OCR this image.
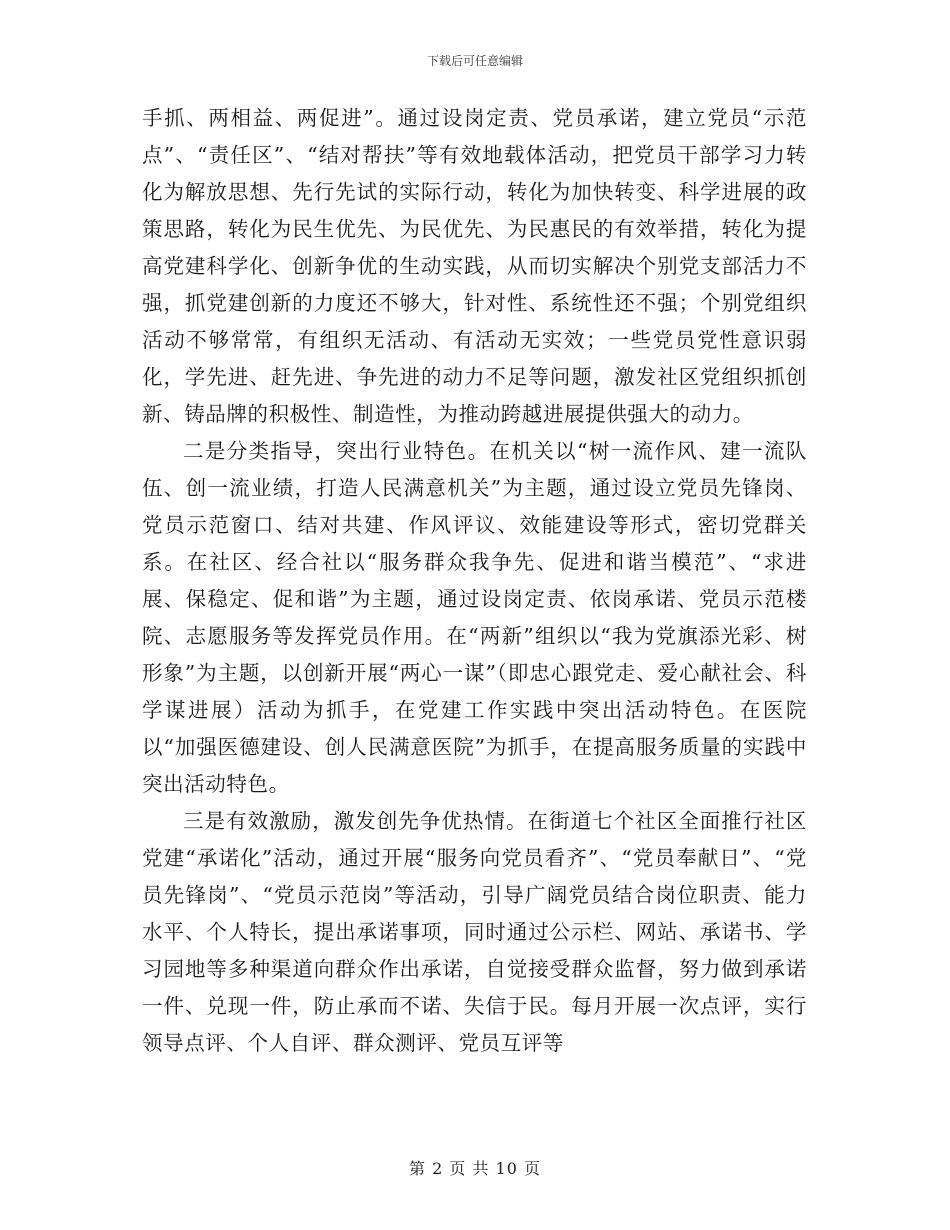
下载后可任意编辑

手抓、两相益、两促进”。通过设岗定责、党员承诺，建立党员“示范点”、“责任区”、“结对帮扶”等有效地载体活动，把党员干部学习力转化为解放思想、先行先试的实际行动，转化为加快转变、科学进展的政策思路，转化为民生优先、为民优先、为民惠民的有效举措，转化为提高党建科学化、创新争优的生动实践，从而切实解决个别党支部活力不强，抓党建创新的力度还不够大，针对性、系统性还不强；个别党组织活动不够常常，有组织无活动、有活动无实效；一些党员党性意识弱化，学先进、赶先进、争先进的动力不足等问题，激发社区党组织抓创新、铸品牌的积极性、制造性，为推动跨越进展提供强大的动力。

二是分类指导，突出行业特色。在机关以“树一流作风、建一流队伍、创一流业绩，打造人民满意机关”为主题，通过设立党员先锋岗、党员示范窗口、结对共建、作风评议、效能建设等形式，密切党群关系。在社区、经合社以“服务群众我争先、促进和谐当模范”、“求进展、保稳定、促和谐”为主题，通过设岗定责、依岗承诺、党员示范楼院、志愿服务等发挥党员作用。在“两新”组织以“我为党旗添光彩、树形象”为主题，以创新开展“两心一谋”（即忠心跟党走、爱心献社会、科学谋进展）活动为抓手，在党建工作实践中突出活动特色。在医院以“加强医德建设、创人民满意医院”为抓手，在提高服务质量的实践中突出活动特色。

三是有效激励，激发创先争优热情。在街道七个社区全面推行社区党建“承诺化”活动，通过开展“服务向党员看齐”、“党员奉献日”、“党员先锋岗”、“党员示范岗”等活动，引导广阔党员结合岗位职责、能力水平、个人特长，提出承诺事项，同时通过公示栏、网站、承诺书、学习园地等多种渠道向群众作出承诺，自觉接受群众监督，努力做到承诺一件、兑现一件，防止承而不诺、失信于民。每月开展一次点评，实行领导点评、个人自评、群众测评、党员互评等

第 2 页 共 10 页
